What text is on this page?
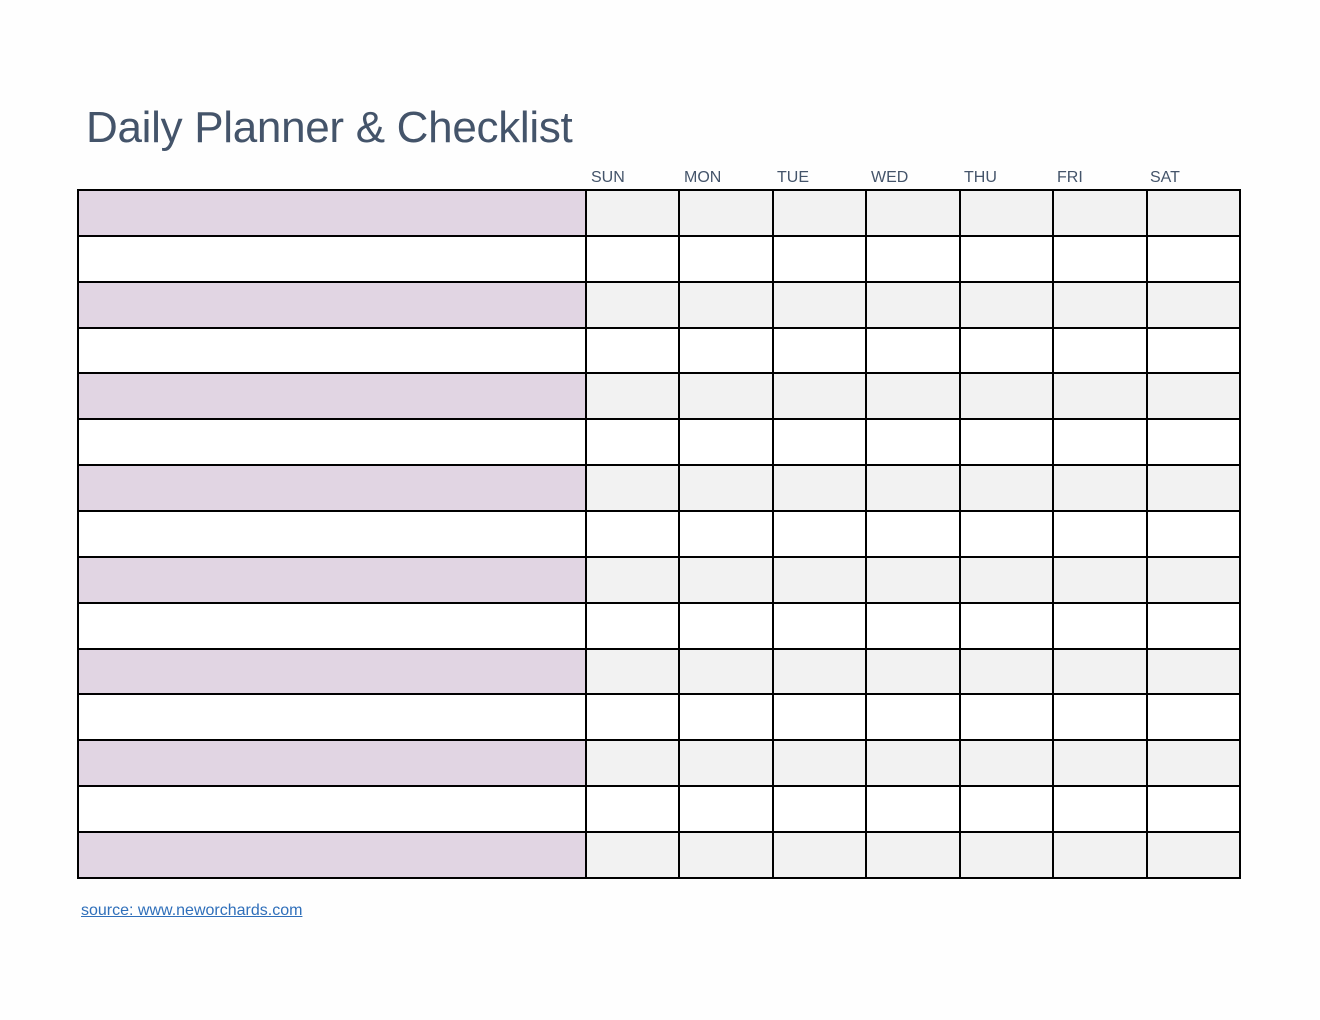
Daily Planner & Checklist
SUN	MON	TUE	WED	THU	FRI	SAT

source: www.neworchards.com
